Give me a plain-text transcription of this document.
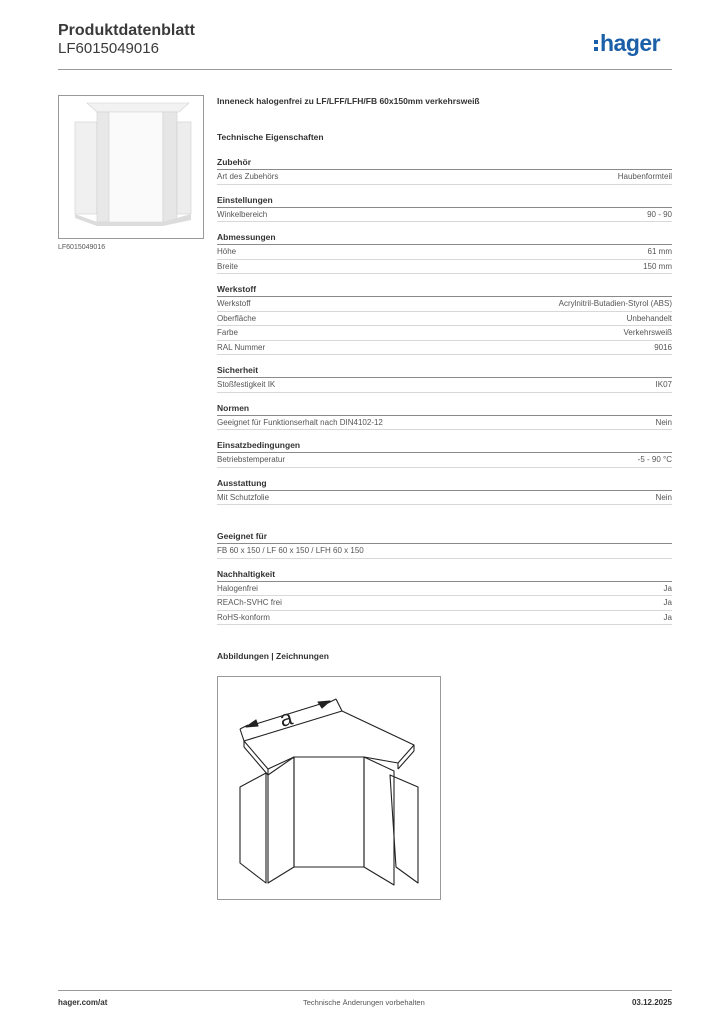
Produktdatenblatt
LF6015049016	hager
LF6015049016
Inneneck halogenfrei zu LF/LFF/LFH/FB 60x150mm verkehrsweiß
Technische Eigenschaften
Zubehör
Art des Zubehörs	Haubenformteil
Einstellungen
Winkelbereich	90 - 90
Abmessungen
Höhe	61 mm
Breite	150 mm
Werkstoff
Werkstoff	Acrylnitril-Butadien-Styrol (ABS)
Oberfläche	Unbehandelt
Farbe	Verkehrsweiß
RAL Nummer	9016
Sicherheit
Stoßfestigkeit IK	IK07
Normen
Geeignet für Funktionserhalt nach DIN4102-12	Nein
Einsatzbedingungen
Betriebstemperatur	-5 - 90 °C
Ausstattung
Mit Schutzfolie	Nein
Geeignet für
FB 60 x 150 / LF 60 x 150 / LFH 60 x 150
Nachhaltigkeit
Halogenfrei	Ja
REACh-SVHC frei	Ja
RoHS-konform	Ja
Abbildungen | Zeichnungen
a
hager.com/at	Technische Änderungen vorbehalten	03.12.2025
